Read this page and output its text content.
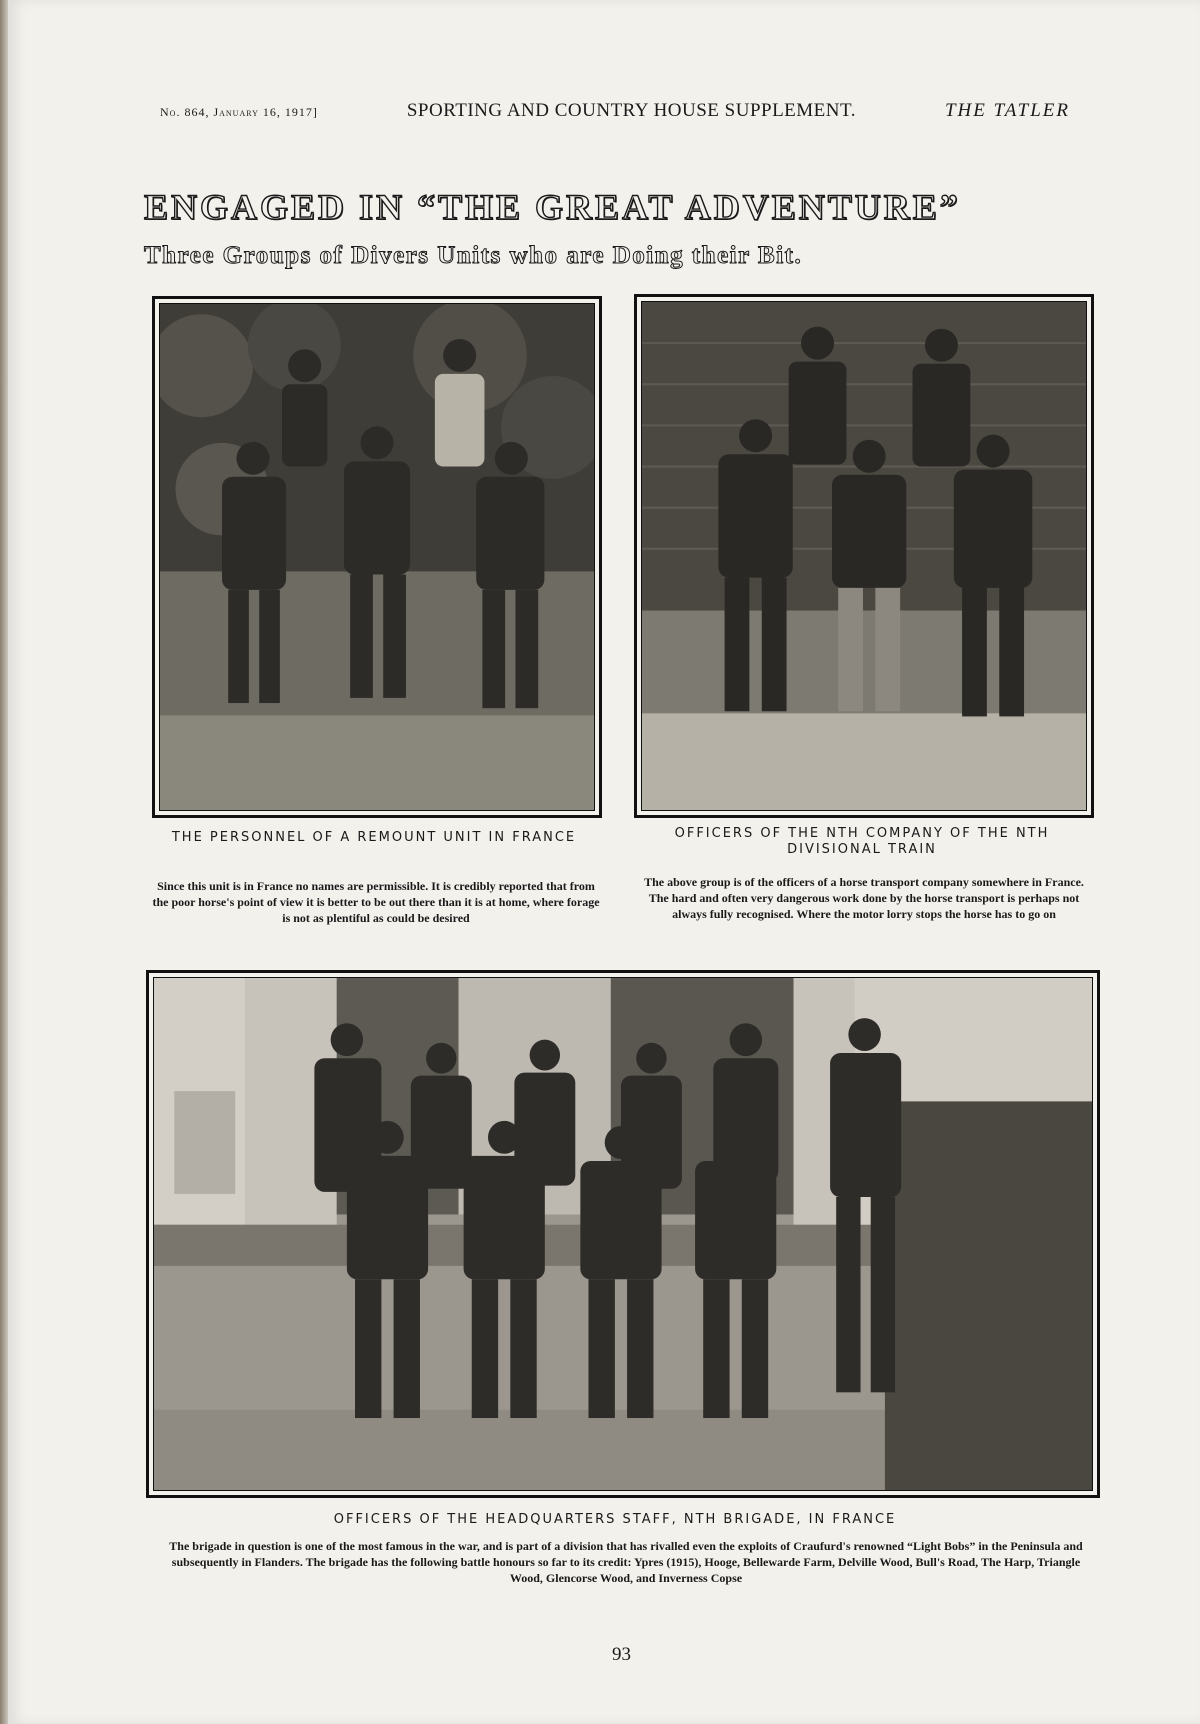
No. 864, January 16, 1917]	SPORTING AND COUNTRY HOUSE SUPPLEMENT.	THE TATLER
ENGAGED IN “THE GREAT ADVENTURE”
Three Groups of Divers Units who are Doing their Bit.
THE PERSONNEL OF A REMOUNT UNIT IN FRANCE
Since this unit is in France no names are permissible. It is credibly reported that from the poor horse's point of view it is better to be out there than it is at home, where forage is not as plentiful as could be desired
OFFICERS OF THE NTH COMPANY OF THE NTH DIVISIONAL TRAIN
The above group is of the officers of a horse transport company somewhere in France. The hard and often very dangerous work done by the horse transport is perhaps not always fully recognised. Where the motor lorry stops the horse has to go on
OFFICERS OF THE HEADQUARTERS STAFF, NTH BRIGADE, IN FRANCE
The brigade in question is one of the most famous in the war, and is part of a division that has rivalled even the exploits of Craufurd's renowned “Light Bobs” in the Peninsula and subsequently in Flanders. The brigade has the following battle honours so far to its credit: Ypres (1915), Hooge, Bellewarde Farm, Delville Wood, Bull's Road, The Harp, Triangle Wood, Glencorse Wood, and Inverness Copse
93
